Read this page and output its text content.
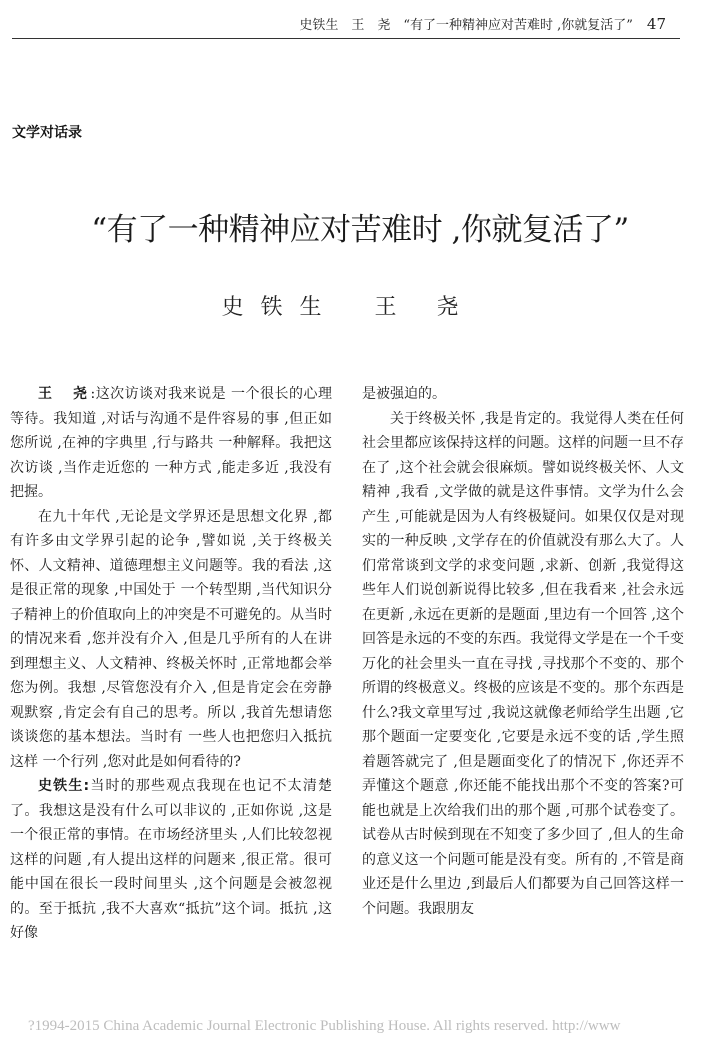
史铁生　王　尧　“有了一种精神应对苦难时 ,你就复活了” 47
文学对话录
“有了一种精神应对苦难时 ,你就复活了”
史铁生 王尧

王　尧:这次访谈对我来说是 一个很长的心理等待。我知道 ,对话与沟通不是件容易的事 ,但正如您所说 ,在神的字典里 ,行与路共 一种解释。我把这次访谈 ,当作走近您的 一种方式 ,能走多近 ,我没有把握。

在九十年代 ,无论是文学界还是思想文化界 ,都有许多由文学界引起的论争 ,譬如说 ,关于终极关怀、人文精神、道德理想主义问题等。我的看法 ,这是很正常的现象 ,中国处于 一个转型期 ,当代知识分子精神上的价值取向上的冲突是不可避免的。从当时的情况来看 ,您并没有介入 ,但是几乎所有的人在讲到理想主义、人文精神、终极关怀时 ,正常地都会举您为例。我想 ,尽管您没有介入 ,但是肯定会在旁静观默察 ,肯定会有自己的思考。所以 ,我首先想请您谈谈您的基本想法。当时有 一些人也把您归入抵抗这样 一个行列 ,您对此是如何看待的?

史铁生:当时的那些观点我现在也记不太清楚了。我想这是没有什么可以非议的 ,正如你说 ,这是一个很正常的事情。在市场经济里头 ,人们比较忽视这样的问题 ,有人提出这样的问题来 ,很正常。很可能中国在很长一段时间里头 ,这个问题是会被忽视的。至于抵抗 ,我不大喜欢“抵抗”这个词。抵抗 ,这好像

是被强迫的。

关于终极关怀 ,我是肯定的。我觉得人类在任何社会里都应该保持这样的问题。这样的问题一旦不存在了 ,这个社会就会很麻烦。譬如说终极关怀、人文精神 ,我看 ,文学做的就是这件事情。文学为什么会产生 ,可能就是因为人有终极疑问。如果仅仅是对现实的一种反映 ,文学存在的价值就没有那么大了。人们常常谈到文学的求变问题 ,求新、创新 ,我觉得这些年人们说创新说得比较多 ,但在我看来 ,社会永远在更新 ,永远在更新的是题面 ,里边有一个回答 ,这个回答是永远的不变的东西。我觉得文学是在一个千变万化的社会里头一直在寻找 ,寻找那个不变的、那个所谓的终极意义。终极的应该是不变的。那个东西是什么?我文章里写过 ,我说这就像老师给学生出题 ,它那个题面一定要变化 ,它要是永远不变的话 ,学生照着题答就完了 ,但是题面变化了的情况下 ,你还弄不弄懂这个题意 ,你还能不能找出那个不变的答案?可能也就是上次给我们出的那个题 ,可那个试卷变了。试卷从古时候到现在不知变了多少回了 ,但人的生命的意义这一个问题可能是没有变。所有的 ,不管是商业还是什么里边 ,到最后人们都要为自己回答这样一个问题。我跟朋友

?1994-2015 China Academic Journal Electronic Publishing House. All rights reserved. http://www
